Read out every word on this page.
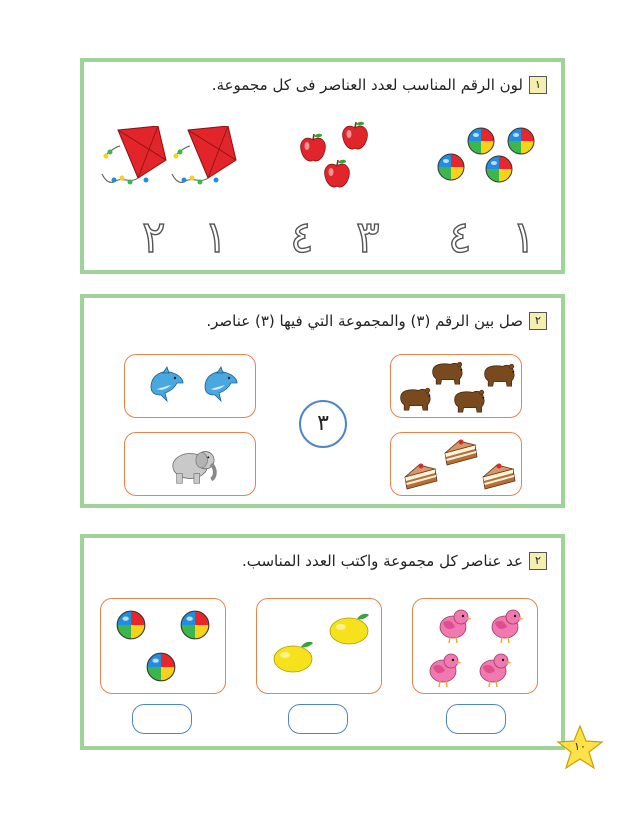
١
لون الرقم المناسب لعدد العناصر فى كل مجموعة.
١
٤
٣
٤
١
٢
٢
صل بين الرقم (٣) والمجموعة التي فيها (٣) عناصر.
٣
٢
عد عناصر كل مجموعة واكتب العدد المناسب.
١٠
